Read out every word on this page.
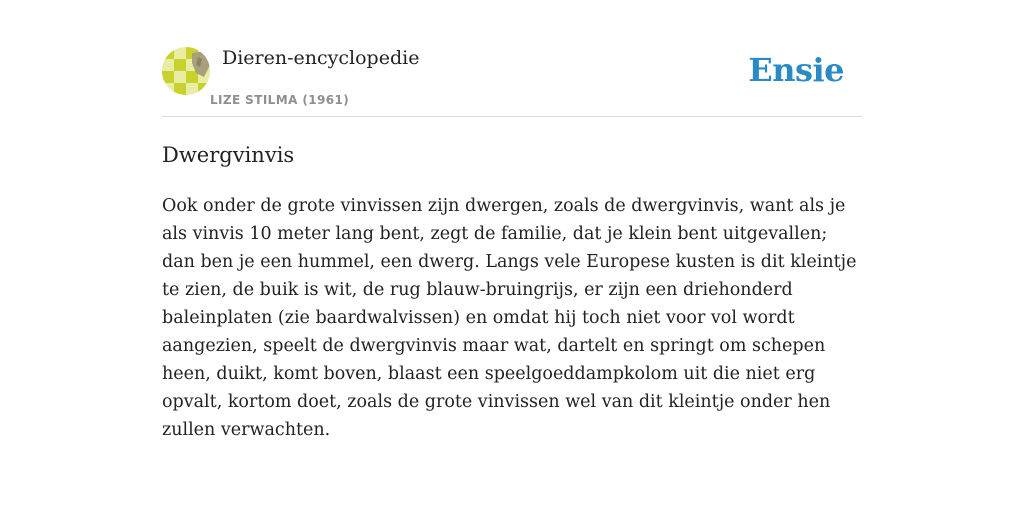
Dieren-encyclopedie
LIZE STILMA (1961)
Ensie
Dwergvinvis

Ook onder de grote vinvissen zijn dwergen, zoals de dwergvinvis, want als je als vinvis 10 meter lang bent, zegt de familie, dat je klein bent uitgevallen; dan ben je een hummel, een dwerg. Langs vele Europese kusten is dit kleintje te zien, de buik is wit, de rug blauw-bruingrijs, er zijn een driehonderd baleinplaten (zie baardwalvissen) en omdat hij toch niet voor vol wordt aangezien, speelt de dwergvinvis maar wat, dartelt en springt om schepen heen, duikt, komt boven, blaast een speelgoeddampkolom uit die niet erg opvalt, kortom doet, zoals de grote vinvissen wel van dit kleintje onder hen zullen verwachten.
